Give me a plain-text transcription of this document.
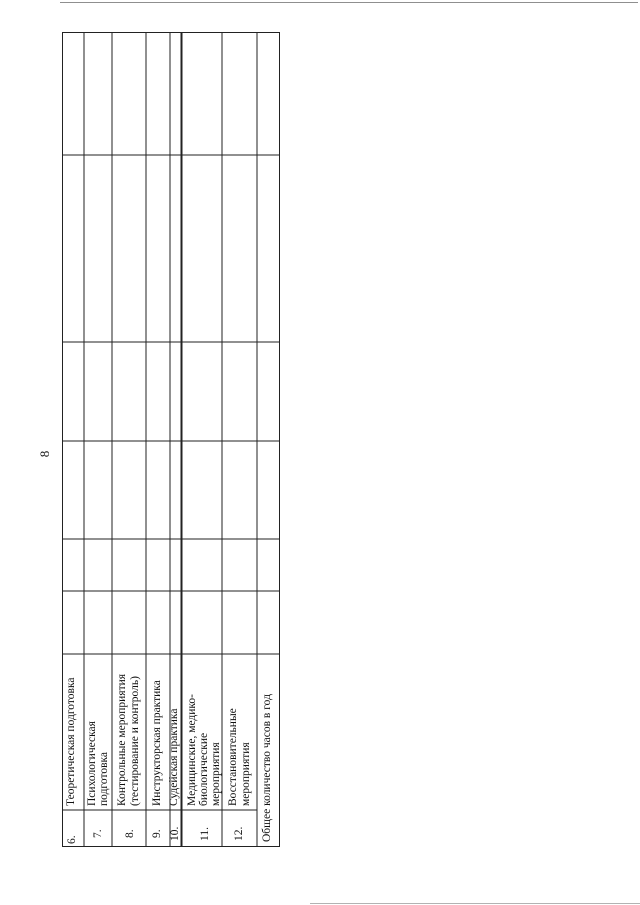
8
Теоретическая подготовка
6.
Психологическая подготовка
7.
Контрольные мероприятия (тестирование и контроль)
8.
Инструкторская практика
9.
Судейская практика
10.
Медицинские, медико- биологические мероприятия
11.
Восстановительные мероприятия
12. Общее количество часов в год
